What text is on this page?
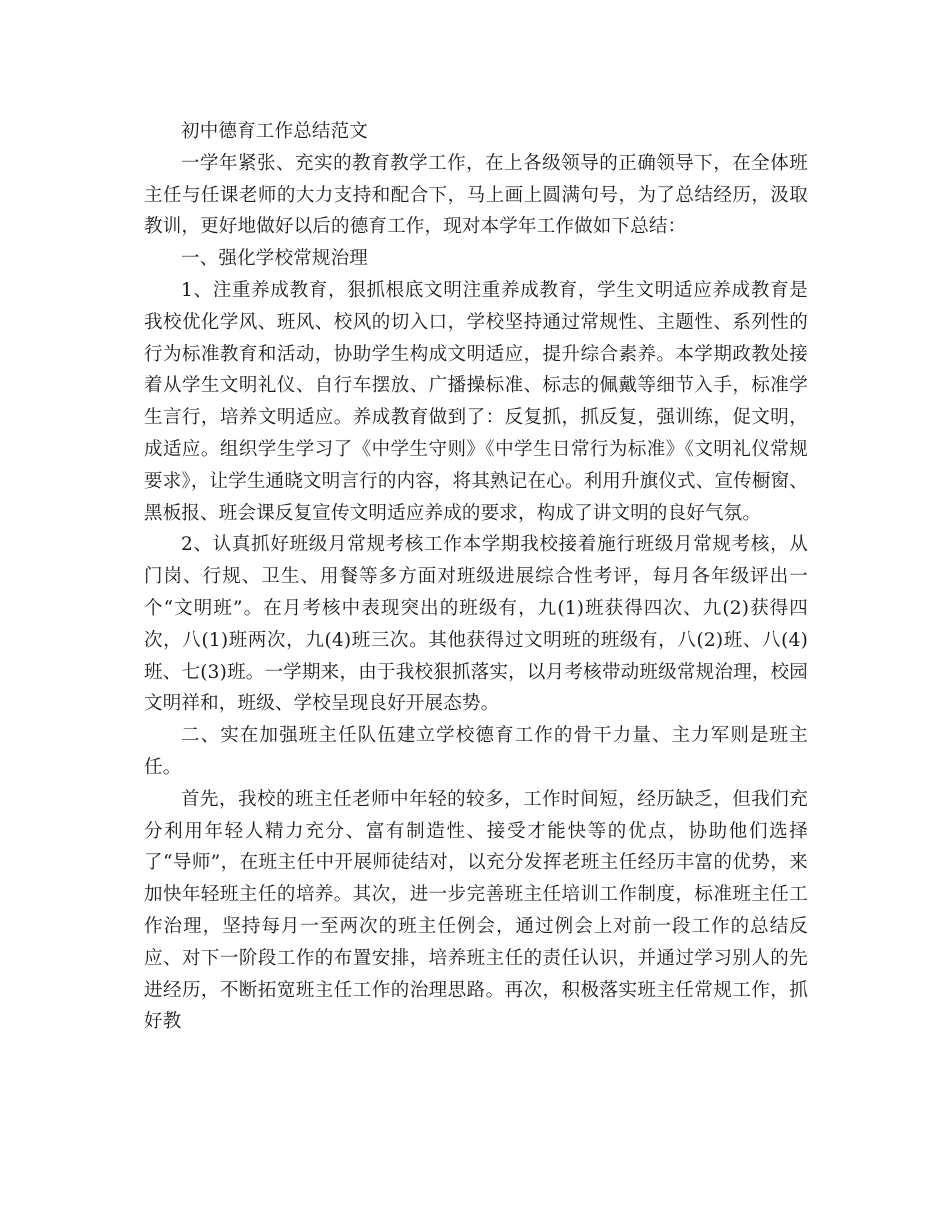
初中德育工作总结范文

一学年紧张、充实的教育教学工作，在上各级领导的正确领导下，在全体班主任与任课老师的大力支持和配合下，马上画上圆满句号，为了总结经历，汲取教训，更好地做好以后的德育工作，现对本学年工作做如下总结：

一、强化学校常规治理

1、注重养成教育，狠抓根底文明注重养成教育，学生文明适应养成教育是我校优化学风、班风、校风的切入口，学校坚持通过常规性、主题性、系列性的行为标准教育和活动，协助学生构成文明适应，提升综合素养。本学期政教处接着从学生文明礼仪、自行车摆放、广播操标准、标志的佩戴等细节入手，标准学生言行，培养文明适应。养成教育做到了：反复抓，抓反复，强训练，促文明，成适应。组织学生学习了《中学生守则》《中学生日常行为标准》《文明礼仪常规要求》，让学生通晓文明言行的内容，将其熟记在心。利用升旗仪式、宣传橱窗、黑板报、班会课反复宣传文明适应养成的要求，构成了讲文明的良好气氛。

2、认真抓好班级月常规考核工作本学期我校接着施行班级月常规考核，从门岗、行规、卫生、用餐等多方面对班级进展综合性考评，每月各年级评出一个“文明班”。在月考核中表现突出的班级有，九(1)班获得四次、九(2)获得四次，八(1)班两次，九(4)班三次。其他获得过文明班的班级有，八(2)班、八(4)班、七(3)班。一学期来，由于我校狠抓落实，以月考核带动班级常规治理，校园文明祥和，班级、学校呈现良好开展态势。

二、实在加强班主任队伍建立学校德育工作的骨干力量、主力军则是班主任。

首先，我校的班主任老师中年轻的较多，工作时间短，经历缺乏，但我们充分利用年轻人精力充分、富有制造性、接受才能快等的优点，协助他们选择了“导师”，在班主任中开展师徒结对，以充分发挥老班主任经历丰富的优势，来加快年轻班主任的培养。其次，进一步完善班主任培训工作制度，标准班主任工作治理，坚持每月一至两次的班主任例会，通过例会上对前一段工作的总结反应、对下一阶段工作的布置安排，培养班主任的责任认识，并通过学习别人的先进经历，不断拓宽班主任工作的治理思路。再次，积极落实班主任常规工作，抓好教
